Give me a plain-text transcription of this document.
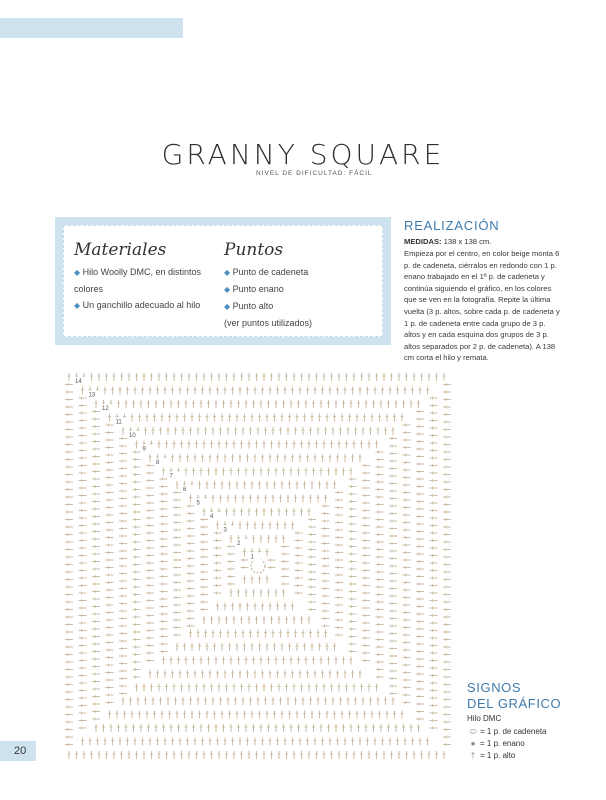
GRANNY SQUARE
NIVEL DE DIFICULTAD: FÁCIL
Materiales
◆ Hilo Woolly DMC, en distintos colores
◆ Un ganchillo adecuado al hilo
Puntos
◆ Punto de cadeneta
◆ Punto enano
◆ Punto alto
(ver puntos utilizados)
REALIZACIÓN
MEDIDAS: 138 x 138 cm.
Empieza por el centro, en color beige monta 6 p. de cadeneta, ciérralos en redondo con 1 p. enano trabajado en el 1º p. de cadeneta y continúa siguiendo el gráfico, en los colores que se ven en la fotografía. Repite la última vuelta (3 p. altos, sobre cada p. de cadeneta y 1 p. de cadeneta entre cada grupo de 3 p. altos y en cada esquina dos grupos de 3 p. altos separados por 2 p. de cadeneta). A 138 cm corta el hilo y remata.
1
2
3
4
5
6
7
8
9
10
11
12
13
14
SIGNOS
DEL GRÁFICO
Hilo DMC
⬭ = 1 p. de cadeneta
● = 1 p. enano
† = 1 p. alto
20
